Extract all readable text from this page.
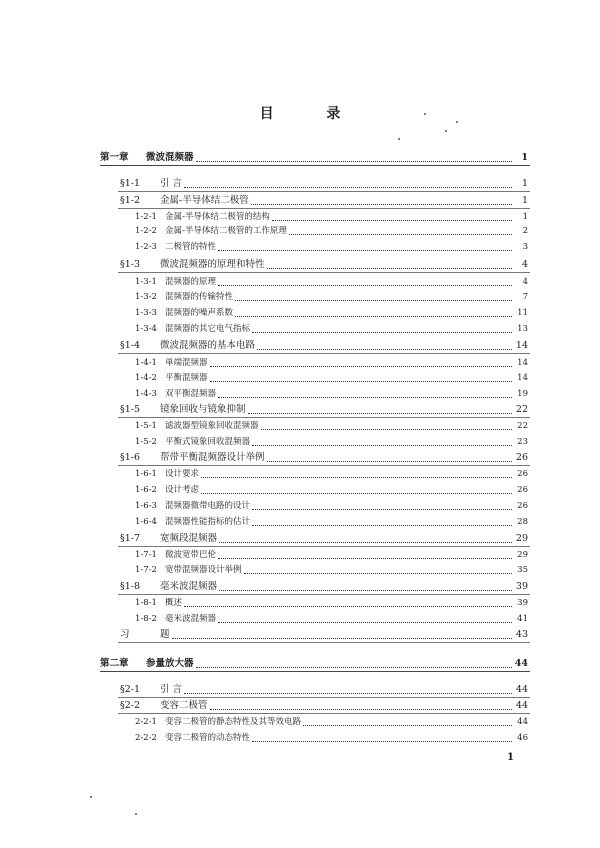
目 录
第一章	微波混频器	1
§1-1	引 言	1
§1-2	金属-半导体结二极管	1
1-2-1 金属-半导体结二极管的结构	1
1-2-2 金属-半导体结二极管的工作原理	2
1-2-3 二极管的特性	3
§1-3	微波混频器的原理和特性	4
1-3-1 混频器的原理	4
1-3-2 混频器的传输特性	7
1-3-3 混频器的噪声系数	11
1-3-4 混频器的其它电气指标	13
§1-4	微波混频器的基本电路	14
1-4-1 单端混频器	14
1-4-2 平衡混频器	14
1-4-3 双平衡混频器	19
§1-5	镜象回收与镜象抑制	22
1-5-1 滤波器型镜象回收混频器	22
1-5-2 平衡式镜象回收混频器	23
§1-6	帮带平衡混频器设计举例	26
1-6-1 设计要求	26
1-6-2 设计考虑	26
1-6-3 混频器微带电路的设计	26
1-6-4 混频器性能指标的估计	28
§1-7	宽频段混频器	29
1-7-1 微波宽带巴伦	29
1-7-2 宽带混频器设计举例	35
§1-8	毫米波混频器	39
1-8-1 概述	39
1-8-2 毫米波混频器	41
习	题	43
第二章	参量放大器	44
§2-1	引 言	44
§2-2	变容二极管	44
2-2-1 变容二极管的静态特性及其等效电路	44
2-2-2 变容二极管的动态特性	46
1
